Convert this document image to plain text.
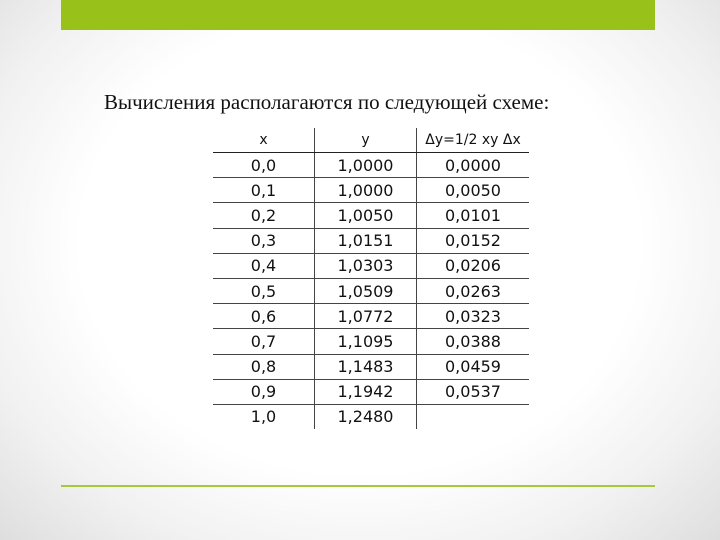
Вычисления располагаются по следующей схеме:
x	y	Δy=1/2 xy Δx
0,0	1,0000	0,0000
0,1	1,0000	0,0050
0,2	1,0050	0,0101
0,3	1,0151	0,0152
0,4	1,0303	0,0206
0,5	1,0509	0,0263
0,6	1,0772	0,0323
0,7	1,1095	0,0388
0,8	1,1483	0,0459
0,9	1,1942	0,0537
1,0	1,2480	
